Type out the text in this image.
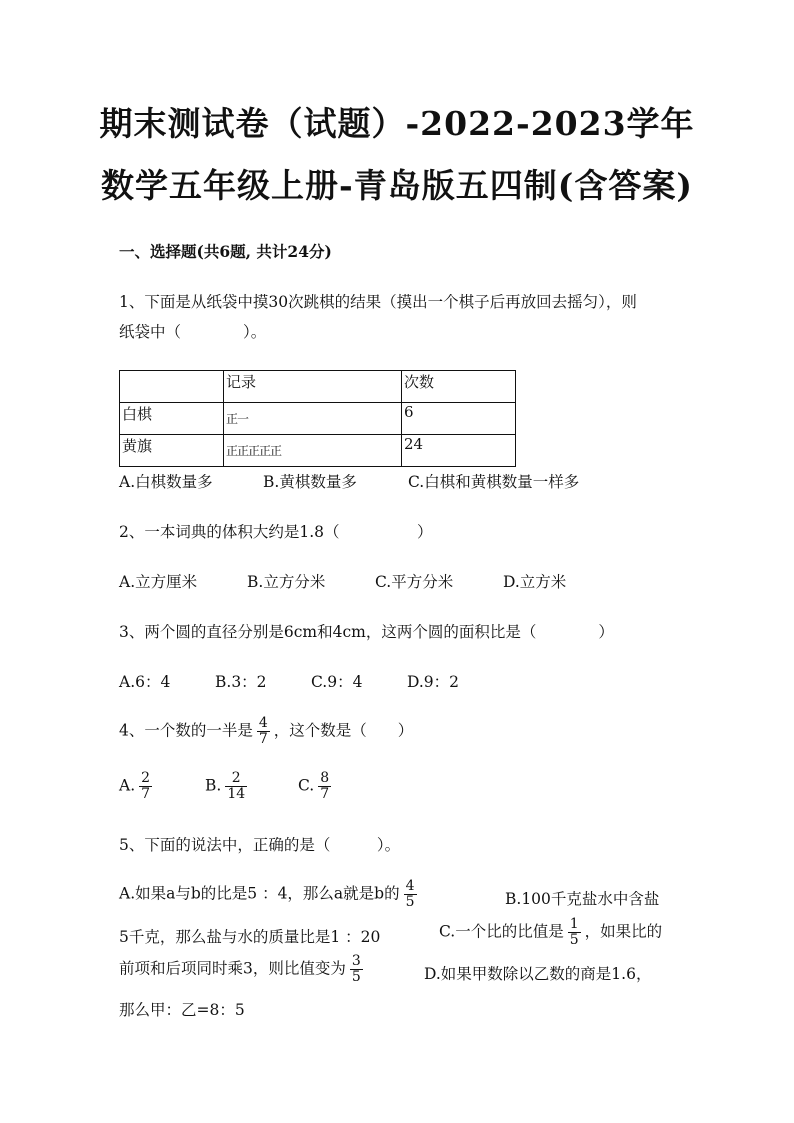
期末测试卷（试题）-2022-2023学年
数学五年级上册-青岛版五四制(含答案)
一、选择题(共6题, 共计24分)
1、下面是从纸袋中摸30次跳棋的结果（摸出一个棋子后再放回去摇匀），则
纸袋中（　　　　）。
	记录	次数
白棋	正一	6
黄旗	正正正正正	24
A.白棋数量多	B.黄棋数量多	C.白棋和黄棋数量一样多
2、一本词典的体积大约是1.8（　　　　　）
A.立方厘米	B.立方分米	C.平方分米	D.立方米
3、两个圆的直径分别是6cm和4cm，这两个圆的面积比是（　　　　）
A.6：4	B.3：2	C.9：4	D.9：2
4、一个数的一半是 $\frac{4}{7}$ ，这个数是（　　）
A. $\frac{2}{7}$	B. $\frac{2}{14}$	C. $\frac{8}{7}$
5、下面的说法中，正确的是（　　　）。
A.如果a与b的比是5 ：4，那么a就是b的 $\frac{4}{5}$	B.100千克盐水中含盐
5千克，那么盐与水的质量比是1 ：20	C.一个比的比值是 $\frac{1}{5}$ ，如果比的
前项和后项同时乘3，则比值变为 $\frac{3}{5}$	D.如果甲数除以乙数的商是1.6，
那么甲：乙=8：5
